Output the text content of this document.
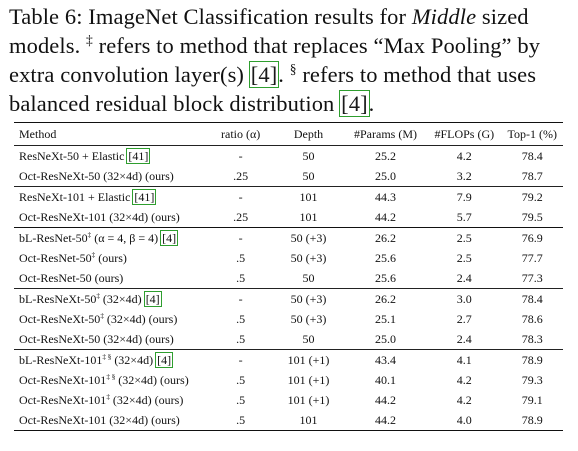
Table 6: ImageNet Classification results for Middle sized

models. ‡ refers to method that replaces “Max Pooling” by

extra convolution layer(s) [4]. § refers to method that uses

balanced residual block distribution [4].

Method	ratio (α)	Depth	#Params (M)	#FLOPs (G)	Top-1 (%)
ResNeXt-50 + Elastic [41]	-	50	25.2	4.2	78.4
Oct-ResNeXt-50 (32×4d) (ours)	.25	50	25.0	3.2	78.7
ResNeXt-101 + Elastic [41]	-	101	44.3	7.9	79.2
Oct-ResNeXt-101 (32×4d) (ours)	.25	101	44.2	5.7	79.5
bL-ResNet-50‡ (α = 4, β = 4) [4]	-	50 (+3)	26.2	2.5	76.9
Oct-ResNet-50‡ (ours)	.5	50 (+3)	25.6	2.5	77.7
Oct-ResNet-50 (ours)	.5	50	25.6	2.4	77.3
bL-ResNeXt-50‡ (32×4d) [4]	-	50 (+3)	26.2	3.0	78.4
Oct-ResNeXt-50‡ (32×4d) (ours)	.5	50 (+3)	25.1	2.7	78.6
Oct-ResNeXt-50 (32×4d) (ours)	.5	50	25.0	2.4	78.3
bL-ResNeXt-101‡ § (32×4d) [4]	-	101 (+1)	43.4	4.1	78.9
Oct-ResNeXt-101‡ § (32×4d) (ours)	.5	101 (+1)	40.1	4.2	79.3
Oct-ResNeXt-101‡ (32×4d) (ours)	.5	101 (+1)	44.2	4.2	79.1
Oct-ResNeXt-101 (32×4d) (ours)	.5	101	44.2	4.0	78.9
